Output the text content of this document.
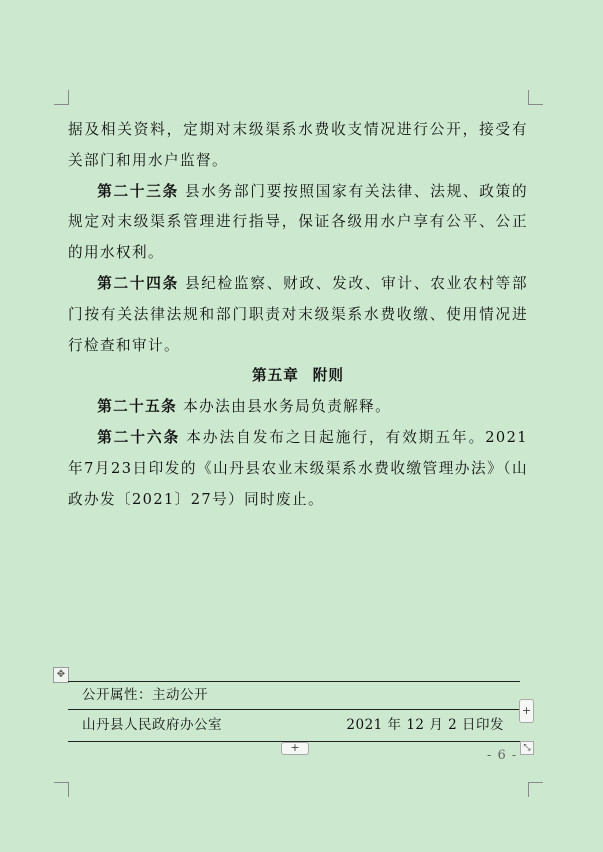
据及相关资料，定期对末级渠系水费收支情况进行公开，接受有关部门和用水户监督。

第二十三条 县水务部门要按照国家有关法律、法规、政策的规定对末级渠系管理进行指导，保证各级用水户享有公平、公正的用水权利。

第二十四条 县纪检监察、财政、发改、审计、农业农村等部门按有关法律法规和部门职责对末级渠系水费收缴、使用情况进行检查和审计。

第五章 附则

第二十五条 本办法由县水务局负责解释。

第二十六条 本办法自发布之日起施行，有效期五年。2021年7月23日印发的《山丹县农业末级渠系水费收缴管理办法》（山政办发〔2021〕27号）同时废止。

✥
公开属性：主动公开
山丹县人民政府办公室	2021 年 12 月 2 日印发
+
+	⤡
- 6 -
